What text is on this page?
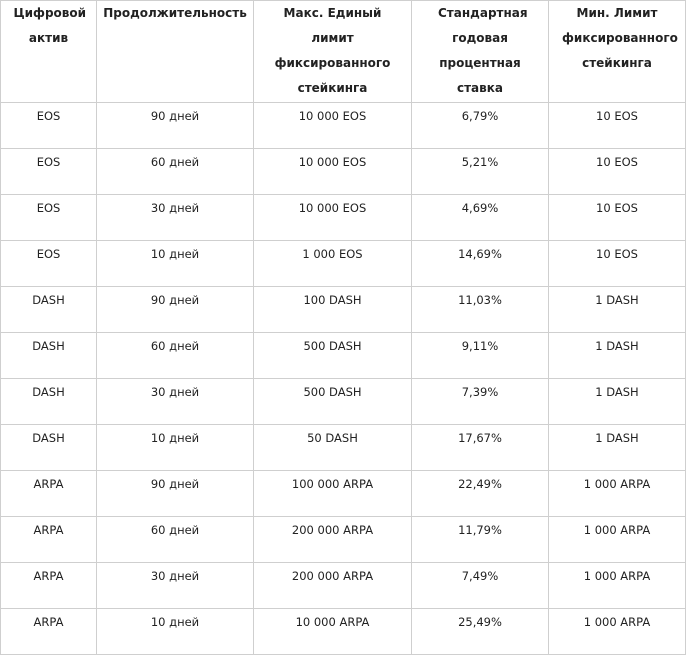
Цифровой актив	Продолжительность	Макс. Единый лимит фиксированного стейкинга	Стандартная годовая процентная ставка	Мин. Лимит фиксированного стейкинга
EOS	90 дней	10 000 EOS	6,79%	10 EOS
EOS	60 дней	10 000 EOS	5,21%	10 EOS
EOS	30 дней	10 000 EOS	4,69%	10 EOS
EOS	10 дней	1 000 EOS	14,69%	10 EOS
DASH	90 дней	100 DASH	11,03%	1 DASH
DASH	60 дней	500 DASH	9,11%	1 DASH
DASH	30 дней	500 DASH	7,39%	1 DASH
DASH	10 дней	50 DASH	17,67%	1 DASH
ARPA	90 дней	100 000 ARPA	22,49%	1 000 ARPA
ARPA	60 дней	200 000 ARPA	11,79%	1 000 ARPA
ARPA	30 дней	200 000 ARPA	7,49%	1 000 ARPA
ARPA	10 дней	10 000 ARPA	25,49%	1 000 ARPA
